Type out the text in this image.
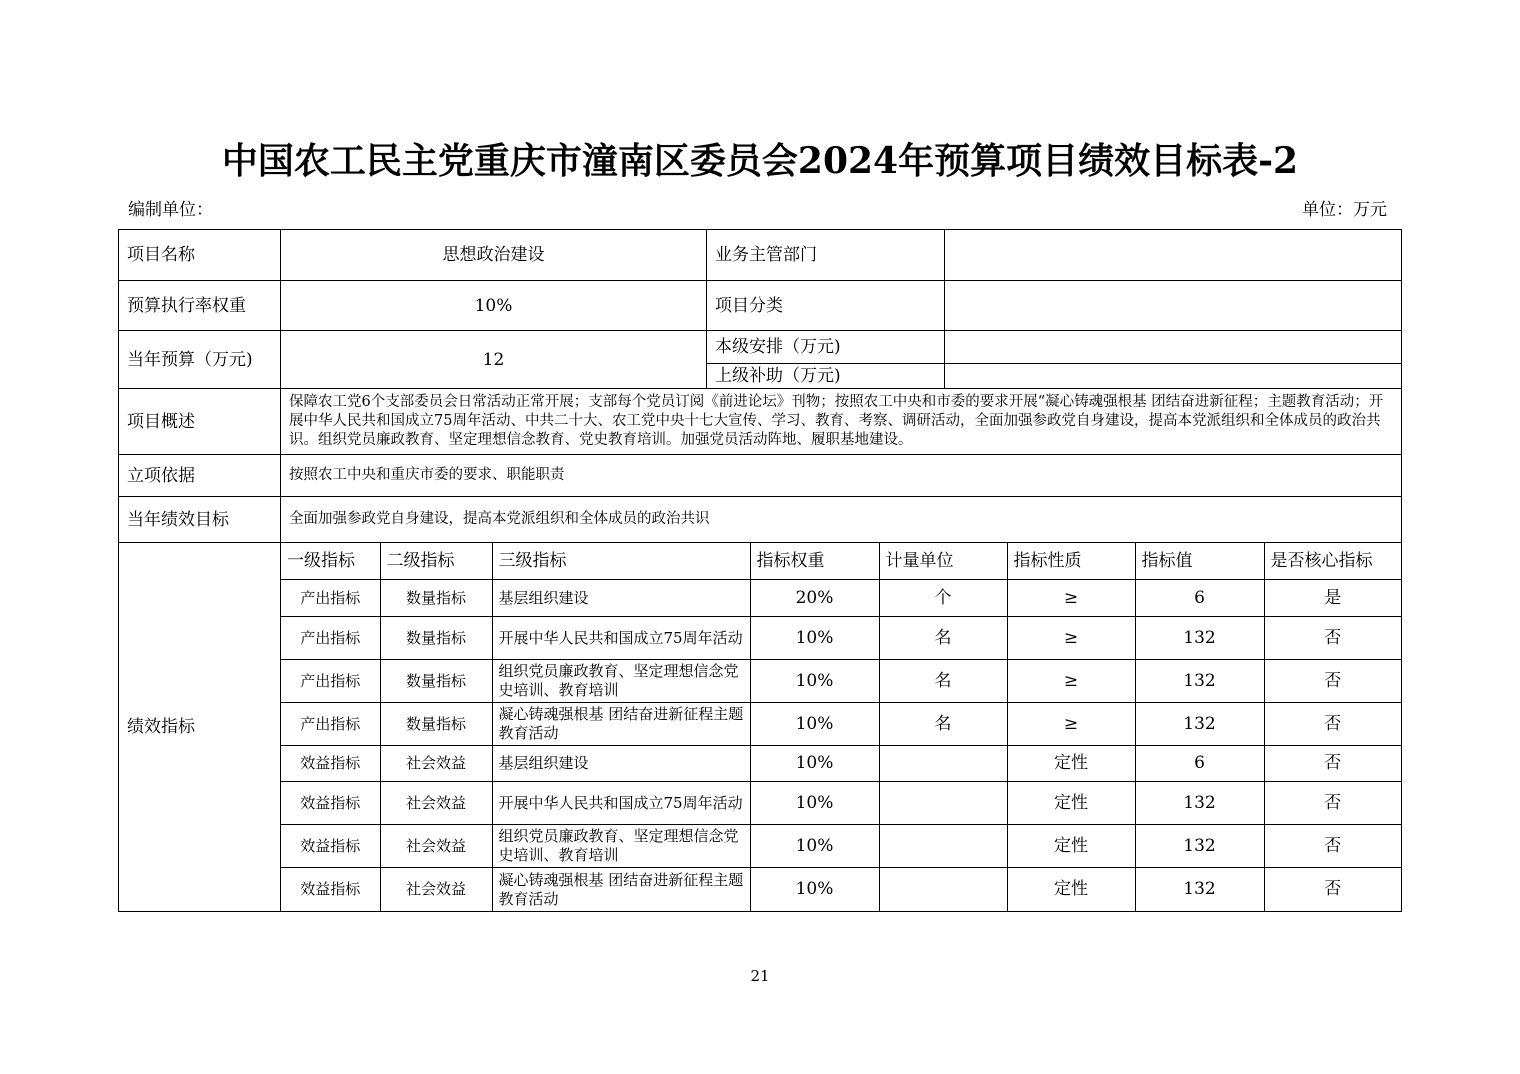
中国农工民主党重庆市潼南区委员会2024年预算项目绩效目标表-2
编制单位：	单位：万元
项目名称	思想政治建设	业务主管部门	
预算执行率权重	10%	项目分类	
当年预算（万元)	12	本级安排（万元)	
上级补助（万元)	
项目概述	保障农工党6个支部委员会日常活动正常开展；支部每个党员订阅《前进论坛》刊物；按照农工中央和市委的要求开展“凝心铸魂强根基 团结奋进新征程；主题教育活动；开展中华人民共和国成立75周年活动、中共二十大、农工党中央十七大宣传、学习、教育、考察、调研活动，全面加强参政党自身建设，提高本党派组织和全体成员的政治共识。组织党员廉政教育、坚定理想信念教育、党史教育培训。加强党员活动阵地、履职基地建设。
立项依据	按照农工中央和重庆市委的要求、职能职责
当年绩效目标	全面加强参政党自身建设，提高本党派组织和全体成员的政治共识
绩效指标	
一级指标	二级指标	三级指标	指标权重	计量单位	指标性质	指标值	是否核心指标
产出指标	数量指标	基层组织建设	20%	个	≥	6	是
产出指标	数量指标	开展中华人民共和国成立75周年活动	10%	名	≥	132	否
产出指标	数量指标	组织党员廉政教育、坚定理想信念党史培训、教育培训	10%	名	≥	132	否
产出指标	数量指标	凝心铸魂强根基 团结奋进新征程主题教育活动	10%	名	≥	132	否
效益指标	社会效益	基层组织建设	10%		定性	6	否
效益指标	社会效益	开展中华人民共和国成立75周年活动	10%		定性	132	否
效益指标	社会效益	组织党员廉政教育、坚定理想信念党史培训、教育培训	10%		定性	132	否
效益指标	社会效益	凝心铸魂强根基 团结奋进新征程主题教育活动	10%		定性	132	否
21
